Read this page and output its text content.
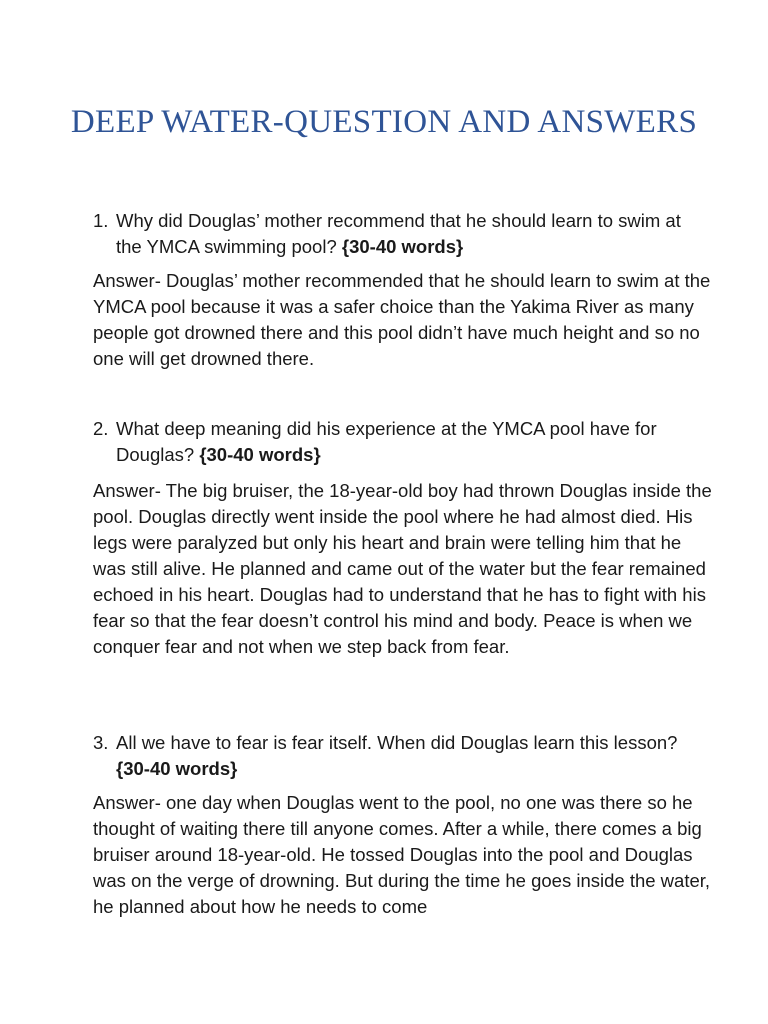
DEEP WATER-QUESTION AND ANSWERS

1. Why did Douglas’ mother recommend that he should learn to swim at the YMCA swimming pool? {30-40 words}

Answer- Douglas’ mother recommended that he should learn to swim at the YMCA pool because it was a safer choice than the Yakima River as many people got drowned there and this pool didn’t have much height and so no one will get drowned there.

2. What deep meaning did his experience at the YMCA pool have for Douglas? {30-40 words}

Answer- The big bruiser, the 18-year-old boy had thrown Douglas inside the pool. Douglas directly went inside the pool where he had almost died. His legs were paralyzed but only his heart and brain were telling him that he was still alive. He planned and came out of the water but the fear remained echoed in his heart. Douglas had to understand that he has to fight with his fear so that the fear doesn’t control his mind and body. Peace is when we conquer fear and not when we step back from fear.

3. All we have to fear is fear itself. When did Douglas learn this lesson? {30-40 words}

Answer- one day when Douglas went to the pool, no one was there so he thought of waiting there till anyone comes. After a while, there comes a big bruiser around 18-year-old. He tossed Douglas into the pool and Douglas was on the verge of drowning. But during the time he goes inside the water, he planned about how he needs to come
